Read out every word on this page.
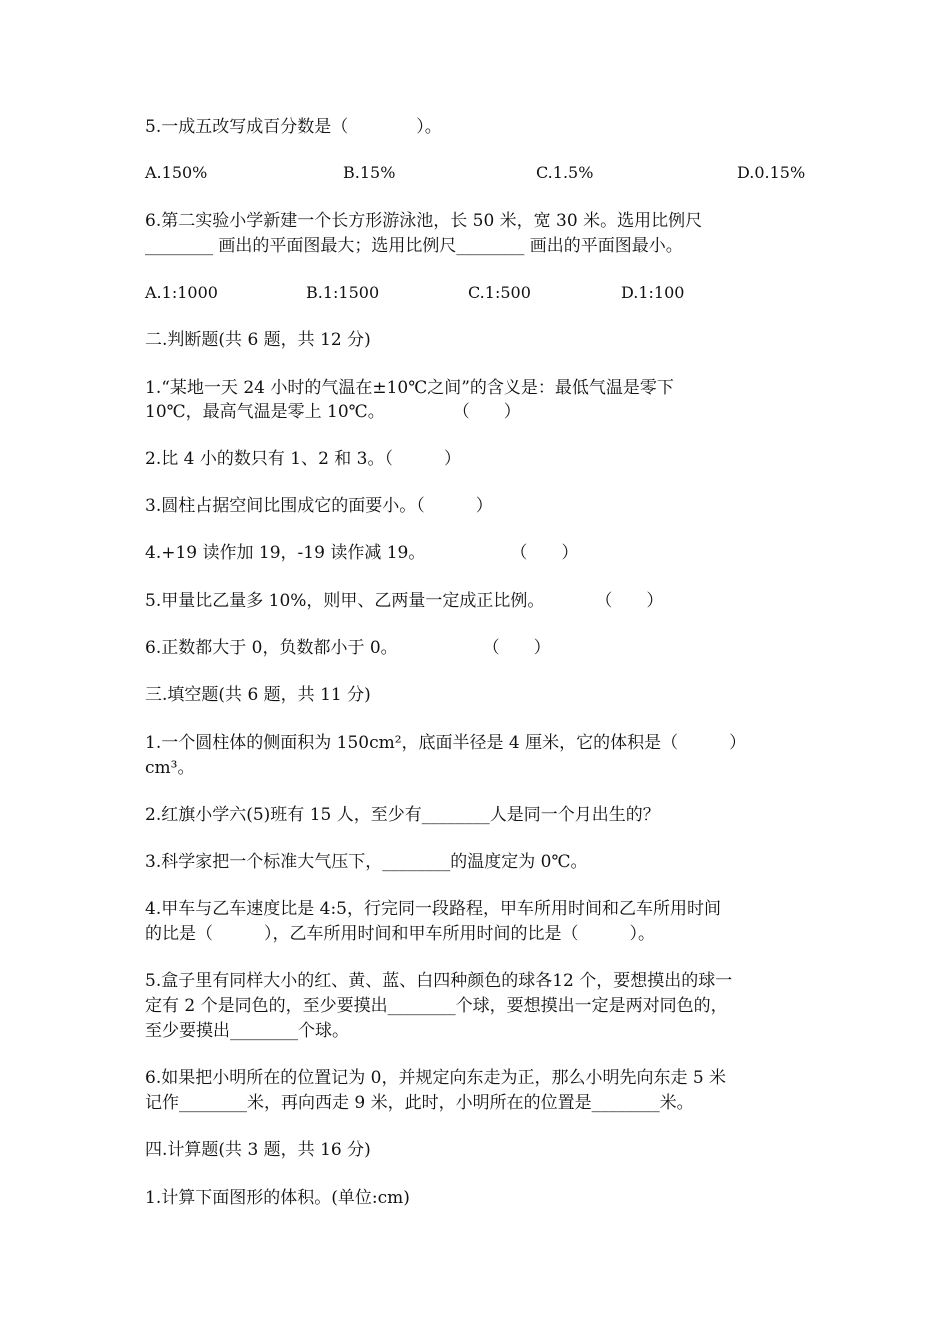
5.一成五改写成百分数是（　　　　）。
A.150%	B.15%	C.1.5%	D.0.15%
6.第二实验小学新建一个长方形游泳池，长 50 米，宽 30 米。选用比例尺
________ 画出的平面图最大；选用比例尺________ 画出的平面图最小。
A.1:1000	B.1:1500	C.1:500	D.1:100
二.判断题(共 6 题，共 12 分)
1.“某地一天 24 小时的气温在±10℃之间”的含义是：最低气温是零下
10℃，最高气温是零上 10℃。　　　　　（　　）
2.比 4 小的数只有 1、2 和 3。（　　　）
3.圆柱占据空间比围成它的面要小。（　　　）
4.+19 读作加 19，-19 读作减 19。　　　　　　（　　）
5.甲量比乙量多 10%，则甲、乙两量一定成正比例。　　　　（　　）
6.正数都大于 0，负数都小于 0。　　　　　　（　　）
三.填空题(共 6 题，共 11 分)
1.一个圆柱体的侧面积为 150cm²，底面半径是 4 厘米，它的体积是（　　　）
cm³。
2.红旗小学六(5)班有 15 人，至少有________人是同一个月出生的？
3.科学家把一个标准大气压下，________的温度定为 0℃。
4.甲车与乙车速度比是 4:5，行完同一段路程，甲车所用时间和乙车所用时间
的比是（　　　），乙车所用时间和甲车所用时间的比是（　　　）。
5.盒子里有同样大小的红、黄、蓝、白四种颜色的球各12 个，要想摸出的球一
定有 2 个是同色的，至少要摸出________个球，要想摸出一定是两对同色的，
至少要摸出________个球。
6.如果把小明所在的位置记为 0，并规定向东走为正，那么小明先向东走 5 米
记作________米，再向西走 9 米，此时，小明所在的位置是________米。
四.计算题(共 3 题，共 16 分)
1.计算下面图形的体积。(单位:cm)
